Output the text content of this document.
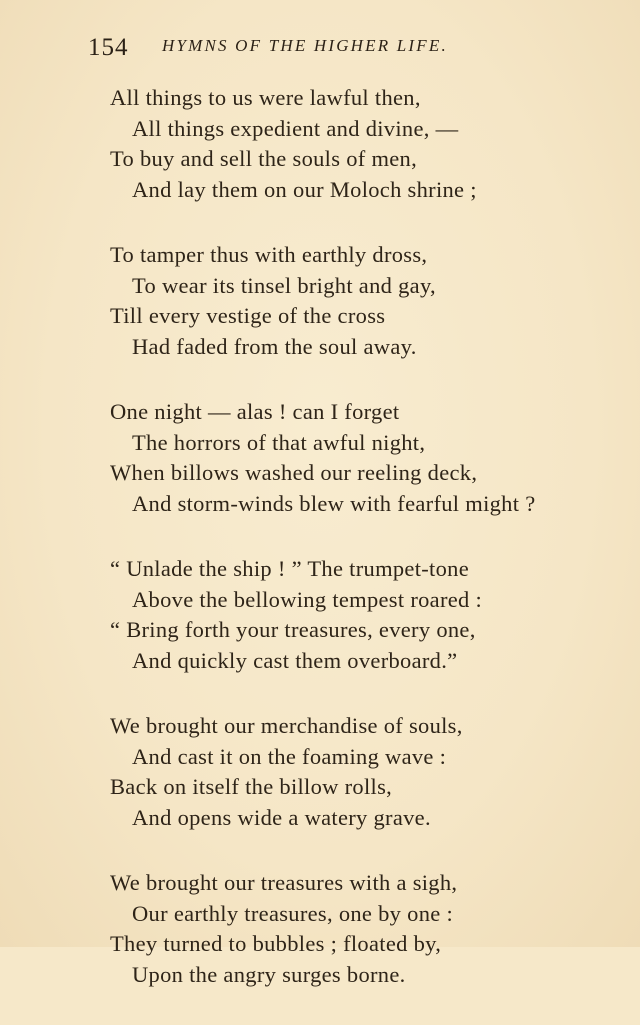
154 HYMNS OF THE HIGHER LIFE.
All things to us were lawful then,
All things expedient and divine, —
To buy and sell the souls of men,
And lay them on our Moloch shrine ;
To tamper thus with earthly dross,
To wear its tinsel bright and gay,
Till every vestige of the cross
Had faded from the soul away.
One night — alas ! can I forget
The horrors of that awful night,
When billows washed our reeling deck,
And storm-winds blew with fearful might ?
“ Unlade the ship ! ” The trumpet-tone
Above the bellowing tempest roared :
“ Bring forth your treasures, every one,
And quickly cast them overboard.”
We brought our merchandise of souls,
And cast it on the foaming wave :
Back on itself the billow rolls,
And opens wide a watery grave.
We brought our treasures with a sigh,
Our earthly treasures, one by one :
They turned to bubbles ; floated by,
Upon the angry surges borne.
